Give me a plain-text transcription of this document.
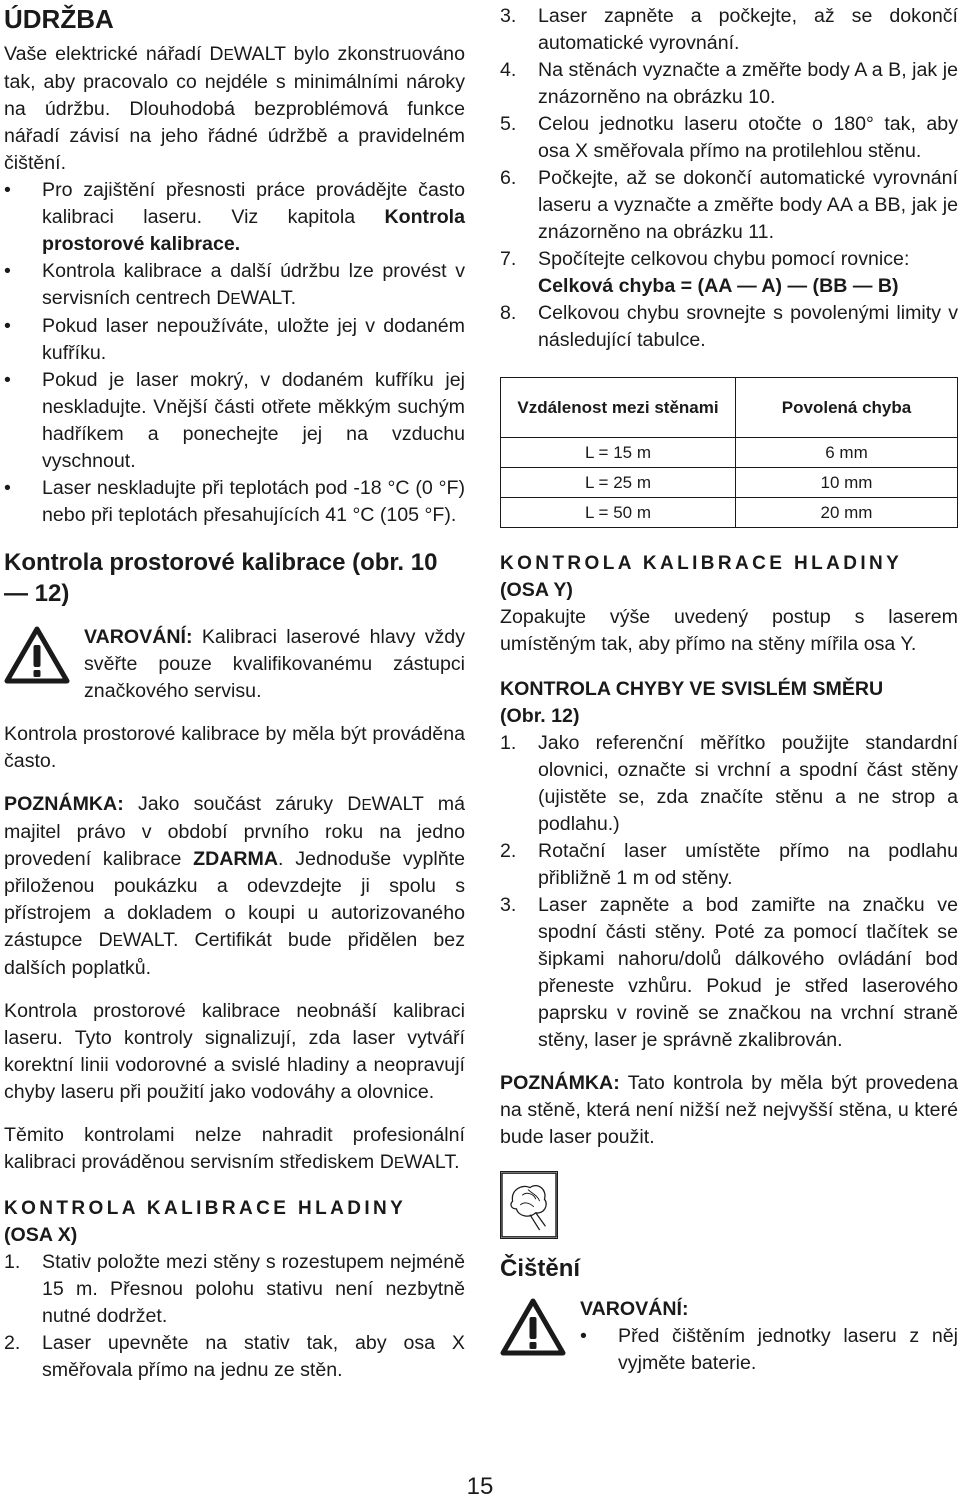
ÚDRŽBA

Vaše elektrické nářadí DEWALT bylo zkonstruováno tak, aby pracovalo co nejdéle s minimálními nároky na údržbu. Dlouhodobá bezproblémová funkce nářadí závisí na jeho řádné údržbě a pravidelném čištění.

• Pro zajištění přesnosti práce provádějte často kalibraci laseru. Viz kapitola Kontrola prostorové kalibrace.
• Kontrola kalibrace a další údržbu lze provést v servisních centrech DEWALT.
• Pokud laser nepoužíváte, uložte jej v dodaném kufříku.
• Pokud je laser mokrý, v dodaném kufříku jej neskladujte. Vnější části otřete měkkým suchým hadříkem a ponechejte jej na vzduchu vyschnout.
• Laser neskladujte při teplotách pod -18 °C (0 °F) nebo při teplotách přesahujících 41 °C (105 °F).
Kontrola prostorové kalibrace (obr. 10 — 12)

VAROVÁNÍ: Kalibraci laserové hlavy vždy svěřte pouze kvalifikovanému zástupci značkového servisu.

Kontrola prostorové kalibrace by měla být prováděna často.

POZNÁMKA: Jako součást záruky DEWALT má majitel právo v období prvního roku na jedno provedení kalibrace ZDARMA. Jednoduše vyplňte přiloženou poukázku a odevzdejte ji spolu s přístrojem a dokladem o koupi u autorizovaného zástupce DEWALT. Certifikát bude přidělen bez dalších poplatků.

Kontrola prostorové kalibrace neobnáší kalibraci laseru. Tyto kontroly signalizují, zda laser vytváří korektní linii vodorovné a svislé hladiny a neopravují chyby laseru při použití jako vodováhy a olovnice.

Těmito kontrolami nelze nahradit profesionální kalibraci prováděnou servisním střediskem DEWALT.

KONTROLA KALIBRACE HLADINY
(OSA X)
1. Stativ položte mezi stěny s rozestupem nejméně 15 m. Přesnou polohu stativu není nezbytně nutné dodržet.
2. Laser upevněte na stativ tak, aby osa X směřovala přímo na jednu ze stěn.
3. Laser zapněte a počkejte, až se dokončí automatické vyrovnání.
4. Na stěnách vyznačte a změřte body A a B, jak je znázorněno na obrázku 10.
5. Celou jednotku laseru otočte o 180° tak, aby osa X směřovala přímo na protilehlou stěnu.
6. Počkejte, až se dokončí automatické vyrovnání laseru a vyznačte a změřte body AA a BB, jak je znázorněno na obrázku 11.
7. Spočítejte celkovou chybu pomocí rovnice:
Celková chyba = (AA — A) — (BB — B)
8. Celkovou chybu srovnejte s povolenými limity v následující tabulce.
Vzdálenost mezi stěnami	Povolená chyba
L = 15 m	6 mm
L = 25 m	10 mm
L = 50 m	20 mm
KONTROLA KALIBRACE HLADINY
(OSA Y)

Zopakujte výše uvedený postup s laserem umístěným tak, aby přímo na stěny mířila osa Y.

KONTROLA CHYBY VE SVISLÉM SMĚRU
(Obr. 12)
1. Jako referenční měřítko použijte standardní olovnici, označte si vrchní a spodní část stěny (ujistěte se, zda značíte stěnu a ne strop a podlahu.)
2. Rotační laser umístěte přímo na podlahu přibližně 1 m od stěny.
3. Laser zapněte a bod zamiřte na značku ve spodní části stěny. Poté za pomocí tlačítek se šipkami nahoru/dolů dálkového ovládání bod přeneste vzhůru. Pokud je střed laserového paprsku v rovině se značkou na vrchní straně stěny, laser je správně zkalibrován.

POZNÁMKA: Tato kontrola by měla být provedena na stěně, která není nižší než nejvyšší stěna, u které bude laser použit.

Čištění
VAROVÁNÍ:
• Před čištěním jednotky laseru z něj vyjměte baterie.
15
